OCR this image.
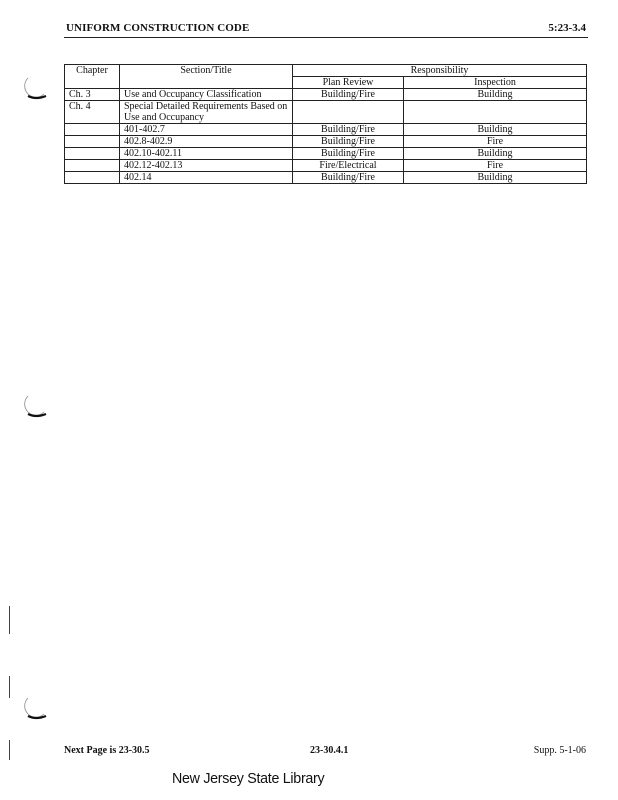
UNIFORM CONSTRUCTION CODE	5:23-3.4
Chapter	Section/Title	Responsibility	
		Plan Review	Inspection
Ch. 3	Use and Occupancy Classification	Building/Fire	Building
Ch. 4	Special Detailed Requirements Based on Use and Occupancy		
	401-402.7	Building/Fire	Building
	402.8-402.9	Building/Fire	Fire
	402.10-402.11	Building/Fire	Building
	402.12-402.13	Fire/Electrical	Fire
	402.14	Building/Fire	Building
Next Page is 23-30.5	23-30.4.1	Supp. 5-1-06
New Jersey State Library
